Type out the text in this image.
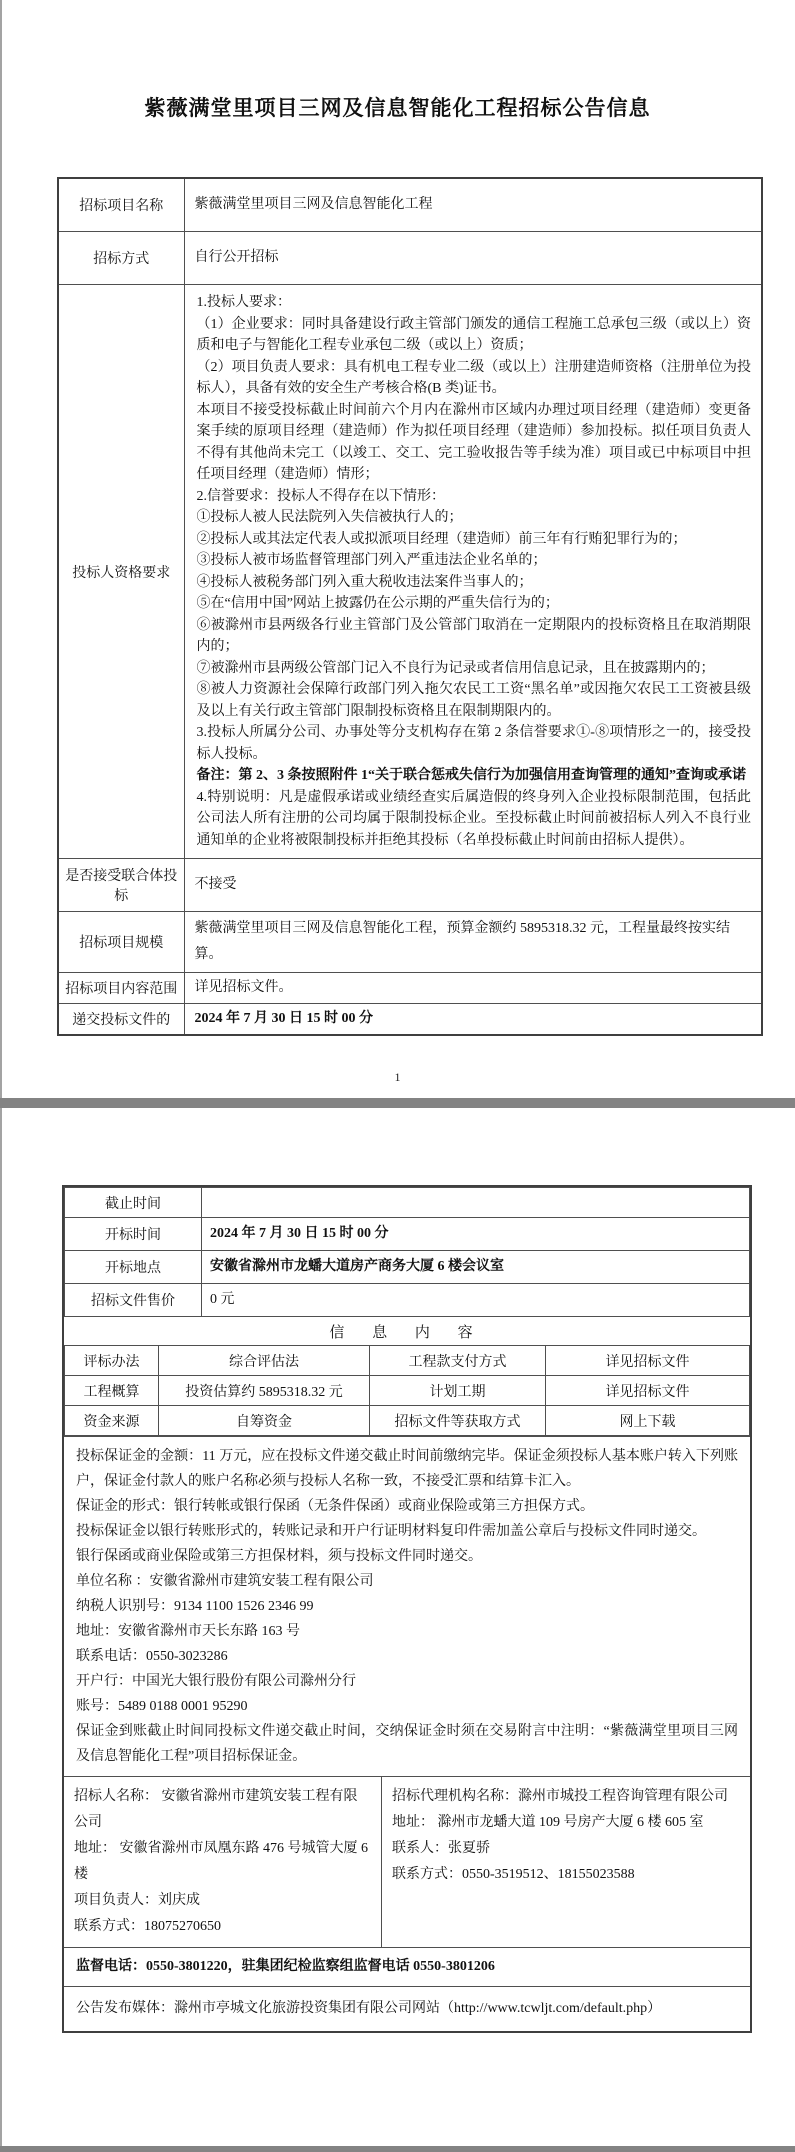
紫薇满堂里项目三网及信息智能化工程招标公告信息
招标项目名称	紫薇满堂里项目三网及信息智能化工程
招标方式	自行公开招标
投标人资格要求	

1.投标人要求：

（1）企业要求：同时具备建设行政主管部门颁发的通信工程施工总承包三级（或以上）资质和电子与智能化工程专业承包二级（或以上）资质；

（2）项目负责人要求：具有机电工程专业二级（或以上）注册建造师资格（注册单位为投标人），具备有效的安全生产考核合格(B 类)证书。

本项目不接受投标截止时间前六个月内在滁州市区域内办理过项目经理（建造师）变更备案手续的原项目经理（建造师）作为拟任项目经理（建造师）参加投标。拟任项目负责人不得有其他尚未完工（以竣工、交工、完工验收报告等手续为准）项目或已中标项目中担任项目经理（建造师）情形；

2.信誉要求：投标人不得存在以下情形：

①投标人被人民法院列入失信被执行人的；

②投标人或其法定代表人或拟派项目经理（建造师）前三年有行贿犯罪行为的；

③投标人被市场监督管理部门列入严重违法企业名单的；

④投标人被税务部门列入重大税收违法案件当事人的；

⑤在“信用中国”网站上披露仍在公示期的严重失信行为的；

⑥被滁州市县两级各行业主管部门及公管部门取消在一定期限内的投标资格且在取消期限内的；

⑦被滁州市县两级公管部门记入不良行为记录或者信用信息记录，且在披露期内的；

⑧被人力资源社会保障行政部门列入拖欠农民工工资“黑名单”或因拖欠农民工工资被县级及以上有关行政主管部门限制投标资格且在限制期限内的。

3.投标人所属分公司、办事处等分支机构存在第 2 条信誉要求①-⑧项情形之一的，接受投标人投标。

备注：第 2、3 条按照附件 1“关于联合惩戒失信行为加强信用查询管理的通知”查询或承诺

4.特别说明：凡是虚假承诺或业绩经查实后属造假的终身列入企业投标限制范围，包括此公司法人所有注册的公司均属于限制投标企业。至投标截止时间前被招标人列入不良行业通知单的企业将被限制投标并拒绝其投标（名单投标截止时间前由招标人提供）。

是否接受联合体投标	不接受
招标项目规模	紫薇满堂里项目三网及信息智能化工程，预算金额约 5895318.32 元，工程量最终按实结算。
招标项目内容范围	详见招标文件。
递交投标文件的	2024 年 7 月 30 日 15 时 00 分
1
截止时间	
开标时间	2024 年 7 月 30 日 15 时 00 分
开标地点	安徽省滁州市龙蟠大道房产商务大厦 6 楼会议室
招标文件售价	0 元
信 息 内 容
评标办法	综合评估法	工程款支付方式	详见招标文件
工程概算	投资估算约 5895318.32 元	计划工期	详见招标文件
资金来源	自筹资金	招标文件等获取方式	网上下载

投标保证金的金额：11 万元，应在投标文件递交截止时间前缴纳完毕。保证金须投标人基本账户转入下列账户，保证金付款人的账户名称必须与投标人名称一致，不接受汇票和结算卡汇入。

保证金的形式：银行转帐或银行保函（无条件保函）或商业保险或第三方担保方式。

投标保证金以银行转账形式的，转账记录和开户行证明材料复印件需加盖公章后与投标文件同时递交。

银行保函或商业保险或第三方担保材料，须与投标文件同时递交。

单位名称 ：安徽省滁州市建筑安装工程有限公司

纳税人识别号：9134 1100 1526 2346 99

地址：安徽省滁州市天长东路 163 号

联系电话：0550-3023286

开户行：中国光大银行股份有限公司滁州分行

账号：5489 0188 0001 95290

保证金到账截止时间同投标文件递交截止时间，交纳保证金时须在交易附言中注明：“紫薇满堂里项目三网及信息智能化工程”项目招标保证金。

招标人名称： 安徽省滁州市建筑安装工程有限公司

地址： 安徽省滁州市凤凰东路 476 号城管大厦 6 楼

项目负责人：刘庆成

联系方式：18075270650

招标代理机构名称：滁州市城投工程咨询管理有限公司

地址： 滁州市龙蟠大道 109 号房产大厦 6 楼 605 室

联系人：张夏骄

联系方式：0550-3519512、18155023588

监督电话：0550-3801220，驻集团纪检监察组监督电话 0550-3801206

公告发布媒体：滁州市亭城文化旅游投资集团有限公司网站（http://www.tcwljt.com/default.php）
